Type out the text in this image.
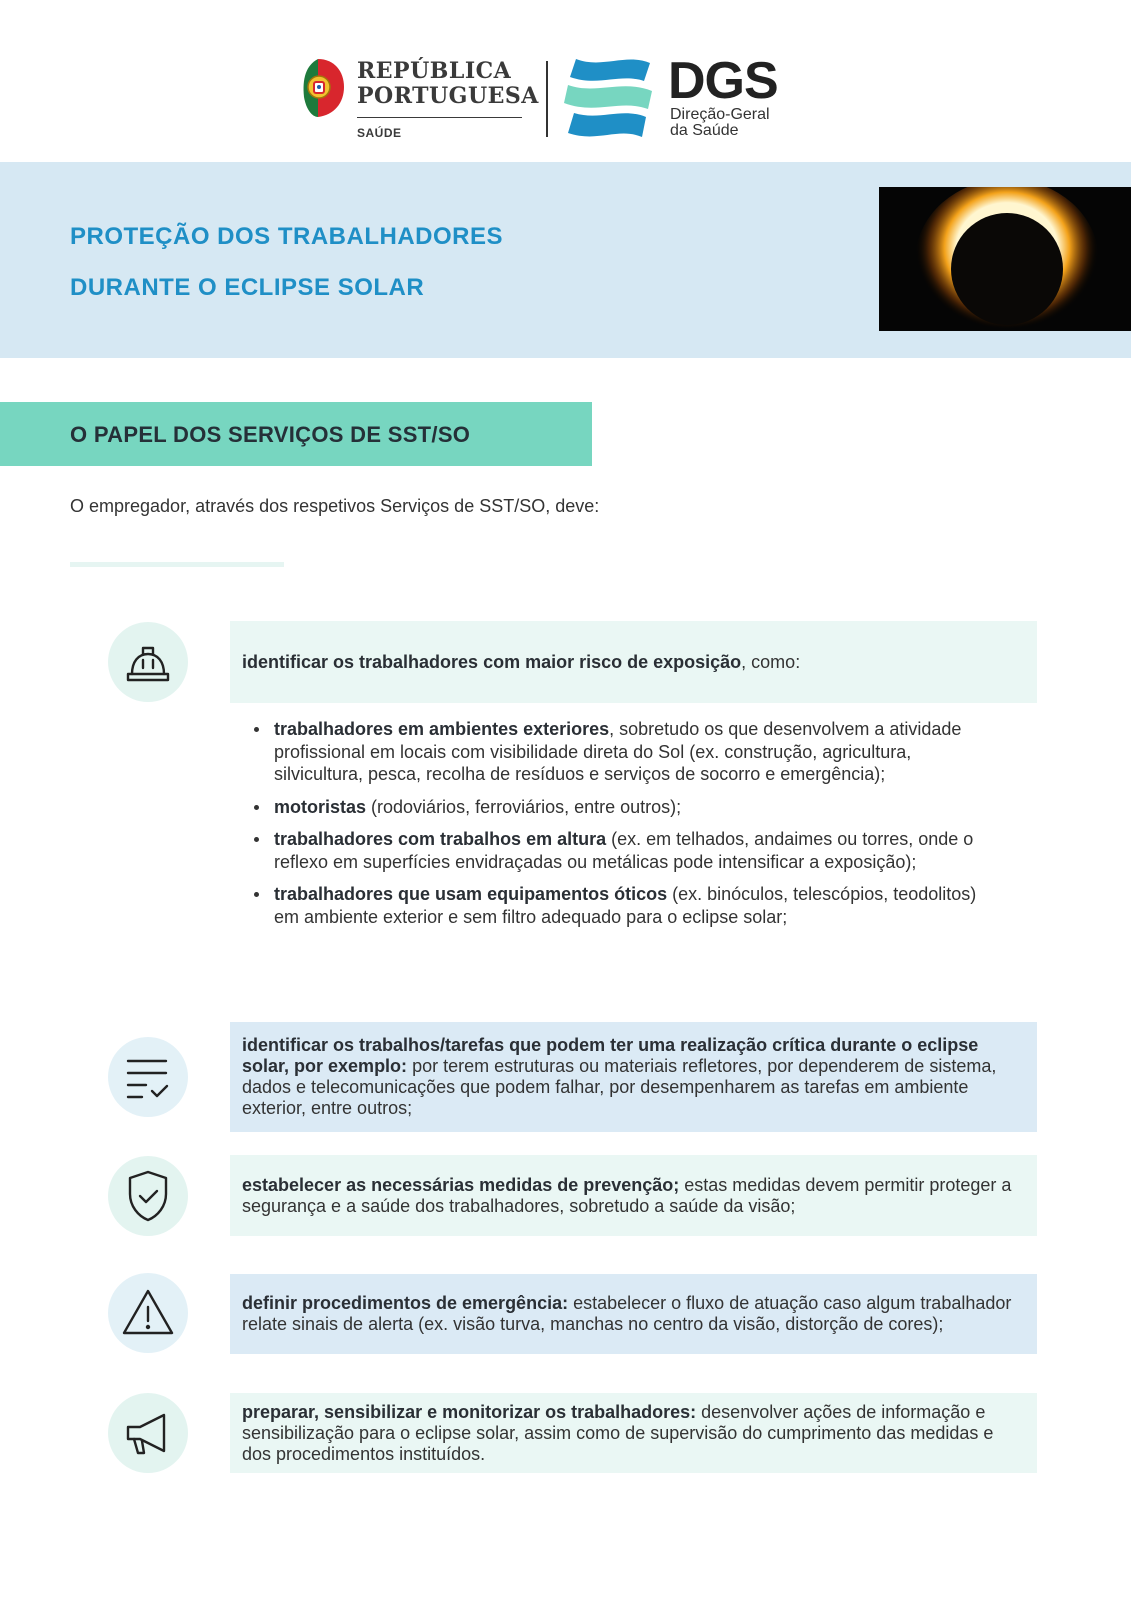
REPÚBLICA
PORTUGUESA
SAÚDE
DGS
Direção-Geral
da Saúde
PROTEÇÃO DOS TRABALHADORES
DURANTE O ECLIPSE SOLAR
O PAPEL DOS SERVIÇOS DE SST/SO
O empregador, através dos respetivos Serviços de SST/SO, deve:
identificar os trabalhadores com maior risco de exposição, como:
trabalhadores em ambientes exteriores, sobretudo os que desenvolvem a atividade profissional em locais com visibilidade direta do Sol (ex. construção, agricultura, silvicultura, pesca, recolha de resíduos e serviços de socorro e emergência);
motoristas (rodoviários, ferroviários, entre outros);
trabalhadores com trabalhos em altura (ex. em telhados, andaimes ou torres, onde o reflexo em superfícies envidraçadas ou metálicas pode intensificar a exposição);
trabalhadores que usam equipamentos óticos (ex. binóculos, telescópios, teodolitos) em ambiente exterior e sem filtro adequado para o eclipse solar;
identificar os trabalhos/tarefas que podem ter uma realização crítica durante o eclipse solar, por exemplo: por terem estruturas ou materiais refletores, por dependerem de sistema, dados e telecomunicações que podem falhar, por desempenharem as tarefas em ambiente exterior, entre outros;
estabelecer as necessárias medidas de prevenção; estas medidas devem permitir proteger a segurança e a saúde dos trabalhadores, sobretudo a saúde da visão;
definir procedimentos de emergência: estabelecer o fluxo de atuação caso algum trabalhador relate sinais de alerta (ex. visão turva, manchas no centro da visão, distorção de cores);
preparar, sensibilizar e monitorizar os trabalhadores: desenvolver ações de informação e sensibilização para o eclipse solar, assim como de supervisão do cumprimento das medidas e dos procedimentos instituídos.
